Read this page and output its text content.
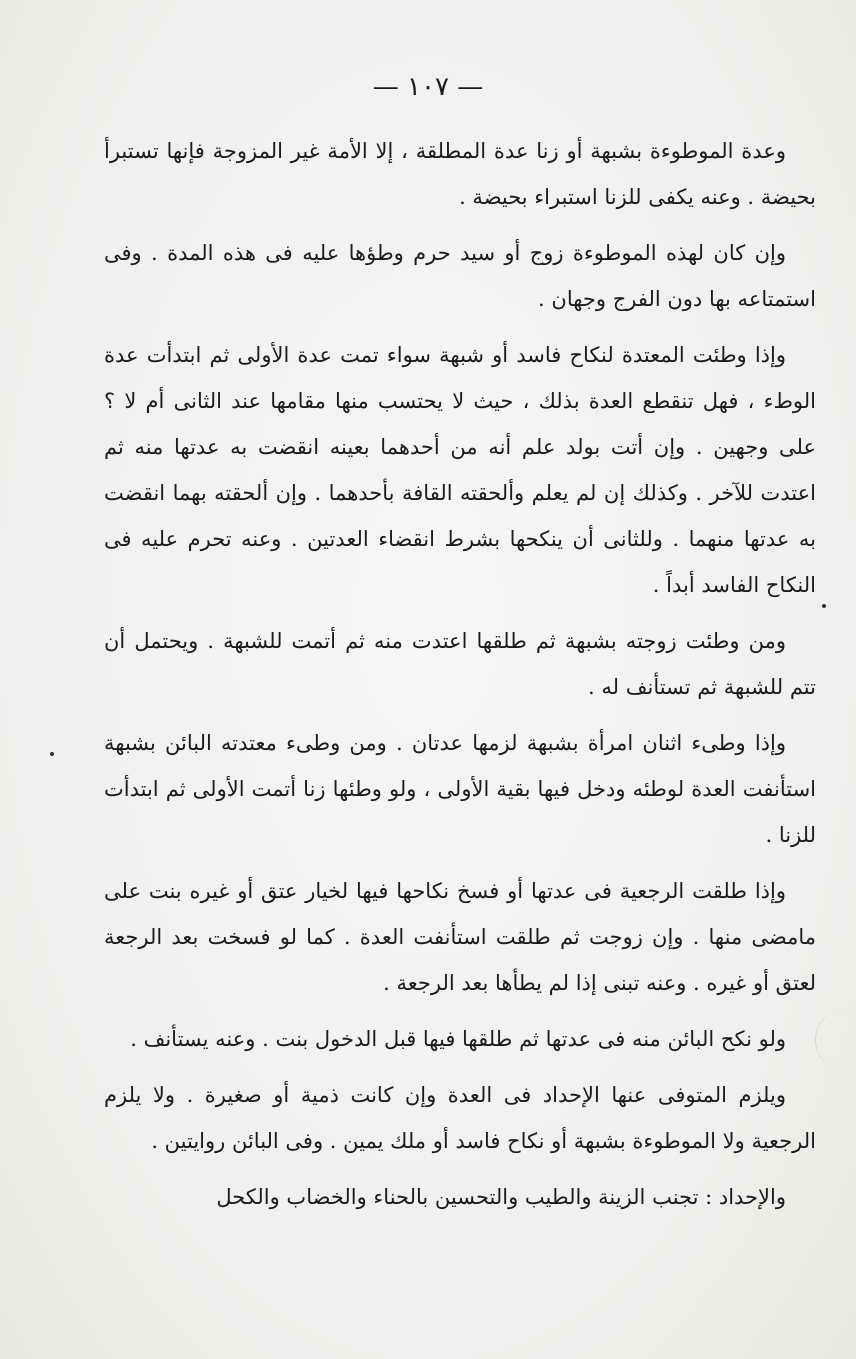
— ١٠٧ —

وعدة الموطوءة بشبهة أو زنا عدة المطلقة ، إلا الأمة غير المزوجة فإنها تستبرأ بحيضة . وعنه يكفى للزنا استبراء بحيضة .

وإن كان لهذه الموطوءة زوج أو سيد حرم وطؤها عليه فى هذه المدة . وفى استمتاعه بها دون الفرج وجهان .

وإذا وطئت المعتدة لنكاح فاسد أو شبهة سواء تمت عدة الأولى ثم ابتدأت عدة الوطء ، فهل تنقطع العدة بذلك ، حيث لا يحتسب منها مقامها عند الثانى أم لا ؟ على وجهين . وإن أتت بولد علم أنه من أحدهما بعينه انقضت به عدتها منه ثم اعتدت للآخر . وكذلك إن لم يعلم وألحقته القافة بأحدهما . وإن ألحقته بهما انقضت به عدتها منهما . وللثانى أن ينكحها بشرط انقضاء العدتين . وعنه تحرم عليه فى النكاح الفاسد أبداً .

ومن وطئت زوجته بشبهة ثم طلقها اعتدت منه ثم أتمت للشبهة . ويحتمل أن تتم للشبهة ثم تستأنف له .

وإذا وطىء اثنان امرأة بشبهة لزمها عدتان . ومن وطىء معتدته البائن بشبهة استأنفت العدة لوطئه ودخل فيها بقية الأولى ، ولو وطئها زنا أتمت الأولى ثم ابتدأت للزنا .

وإذا طلقت الرجعية فى عدتها أو فسخ نكاحها فيها لخيار عتق أو غيره بنت على مامضى منها . وإن زوجت ثم طلقت استأنفت العدة . كما لو فسخت بعد الرجعة لعتق أو غيره . وعنه تبنى إذا لم يطأها بعد الرجعة .

ولو نكح البائن منه فى عدتها ثم طلقها فيها قبل الدخول بنت . وعنه يستأنف .

ويلزم المتوفى عنها الإحداد فى العدة وإن كانت ذمية أو صغيرة . ولا يلزم الرجعية ولا الموطوءة بشبهة أو نكاح فاسد أو ملك يمين . وفى البائن روايتين .

والإحداد : تجنب الزينة والطيب والتحسين بالحناء والخضاب والكحل
